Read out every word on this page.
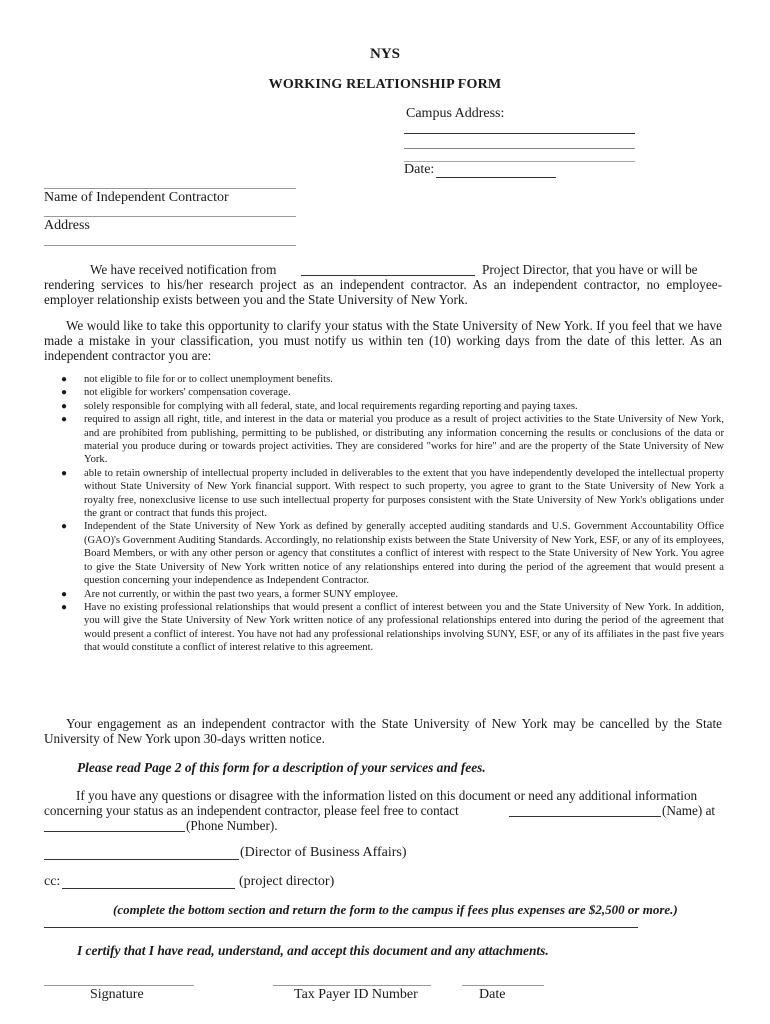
NYS
WORKING RELATIONSHIP FORM
Campus Address:
Date:
Name of Independent Contractor
Address
We have received notification from	Project Director, that you have or will be
rendering services to his/her research project as an independent contractor. As an independent contractor, no employee-employer relationship exists between you and the State University of New York.
We would like to take this opportunity to clarify your status with the State University of New York. If you feel that we have made a mistake in your classification, you must notify us within ten (10) working days from the date of this letter. As an independent contractor you are:
● not eligible to file for or to collect unemployment benefits.
● not eligible for workers' compensation coverage.
● solely responsible for complying with all federal, state, and local requirements regarding reporting and paying taxes.
● required to assign all right, title, and interest in the data or material you produce as a result of project activities to the State University of New York, and are prohibited from publishing, permitting to be published, or distributing any information concerning the results or conclusions of the data or material you produce during or towards project activities. They are considered "works for hire" and are the property of the State University of New York.
● able to retain ownership of intellectual property included in deliverables to the extent that you have independently developed the intellectual property without State University of New York financial support. With respect to such property, you agree to grant to the State University of New York a royalty free, nonexclusive license to use such intellectual property for purposes consistent with the State University of New York's obligations under the grant or contract that funds this project.
● Independent of the State University of New York as defined by generally accepted auditing standards and U.S. Government Accountability Office (GAO)'s Government Auditing Standards. Accordingly, no relationship exists between the State University of New York, ESF, or any of its employees, Board Members, or with any other person or agency that constitutes a conflict of interest with respect to the State University of New York. You agree to give the State University of New York written notice of any relationships entered into during the period of the agreement that would present a question concerning your independence as Independent Contractor.
● Are not currently, or within the past two years, a former SUNY employee.
● Have no existing professional relationships that would present a conflict of interest between you and the State University of New York. In addition, you will give the State University of New York written notice of any professional relationships entered into during the period of the agreement that would present a conflict of interest. You have not had any professional relationships involving SUNY, ESF, or any of its affiliates in the past five years that would constitute a conflict of interest relative to this agreement.
Your engagement as an independent contractor with the State University of New York may be cancelled by the State University of New York upon 30-days written notice.
Please read Page 2 of this form for a description of your services and fees.
If you have any questions or disagree with the information listed on this document or need any additional information
concerning your status as an independent contractor, please feel free to contact	(Name) at
(Phone Number).
(Director of Business Affairs)
cc:	(project director)
(complete the bottom section and return the form to the campus if fees plus expenses are $2,500 or more.)
I certify that I have read, understand, and accept this document and any attachments.
Signature	Tax Payer ID Number	Date
